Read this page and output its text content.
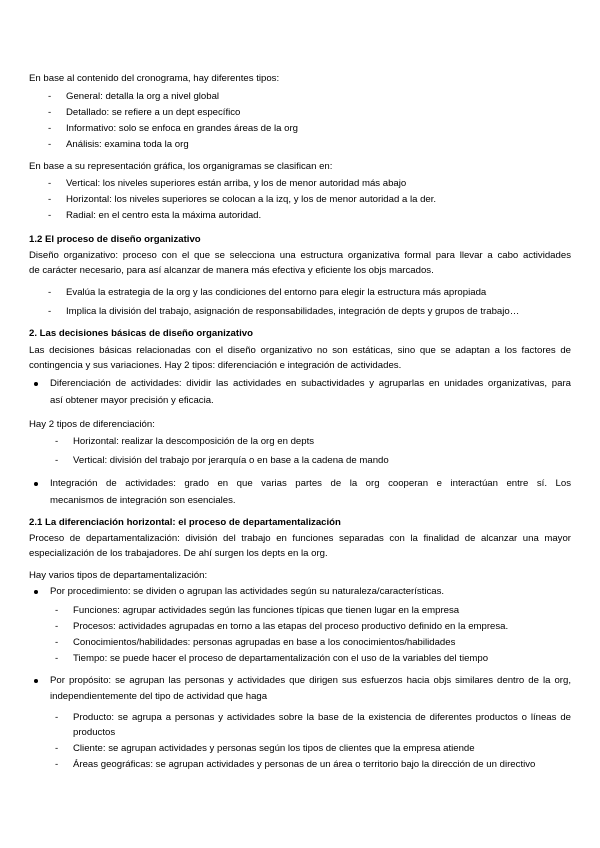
En base al contenido del cronograma, hay diferentes tipos:
- General: detalla la org a nivel global
- Detallado: se refiere a un dept específico
- Informativo: solo se enfoca en grandes áreas de la org
- Análisis: examina toda la org
En base a su representación gráfica, los organigramas se clasifican en:
- Vertical: los niveles superiores están arriba, y los de menor autoridad más abajo
- Horizontal: los niveles superiores se colocan a la izq, y los de menor autoridad a la der.
- Radial: en el centro esta la máxima autoridad.
1.2 El proceso de diseño organizativo
Diseño organizativo: proceso con el que se selecciona una estructura organizativa formal para llevar a cabo actividades
de carácter necesario, para así alcanzar de manera más efectiva y eficiente los objs marcados.
- Evalúa la estrategia de la org y las condiciones del entorno para elegir la estructura más apropiada
- Implica la división del trabajo, asignación de responsabilidades, integración de depts y grupos de trabajo…
2. Las decisiones básicas de diseño organizativo
Las decisiones básicas relacionadas con el diseño organizativo no son estáticas, sino que se adaptan a los factores de
contingencia y sus variaciones. Hay 2 tipos: diferenciación e integración de actividades.
Diferenciación de actividades: dividir las actividades en subactividades y agruparlas en unidades organizativas, para
así obtener mayor precisión y eficacia.
Hay 2 tipos de diferenciación:
- Horizontal: realizar la descomposición de la org en depts
- Vertical: división del trabajo por jerarquía o en base a la cadena de mando
Integración de actividades: grado en que varias partes de la org cooperan e interactúan entre sí. Los
mecanismos de integración son esenciales.
2.1 La diferenciación horizontal: el proceso de departamentalización
Proceso de departamentalización: división del trabajo en funciones separadas con la finalidad de alcanzar una mayor
especialización de los trabajadores. De ahí surgen los depts en la org.
Hay varios tipos de departamentalización:
Por procedimiento: se dividen o agrupan las actividades según su naturaleza/características.
- Funciones: agrupar actividades según las funciones típicas que tienen lugar en la empresa
- Procesos: actividades agrupadas en torno a las etapas del proceso productivo definido en la empresa.
- Conocimientos/habilidades: personas agrupadas en base a los conocimientos/habilidades
- Tiempo: se puede hacer el proceso de departamentalización con el uso de la variables del tiempo
Por propósito: se agrupan las personas y actividades que dirigen sus esfuerzos hacia objs similares dentro de la org,
independientemente del tipo de actividad que haga
- Producto: se agrupa a personas y actividades sobre la base de la existencia de diferentes productos o líneas de
productos
- Cliente: se agrupan actividades y personas según los tipos de clientes que la empresa atiende
- Áreas geográficas: se agrupan actividades y personas de un área o territorio bajo la dirección de un directivo
